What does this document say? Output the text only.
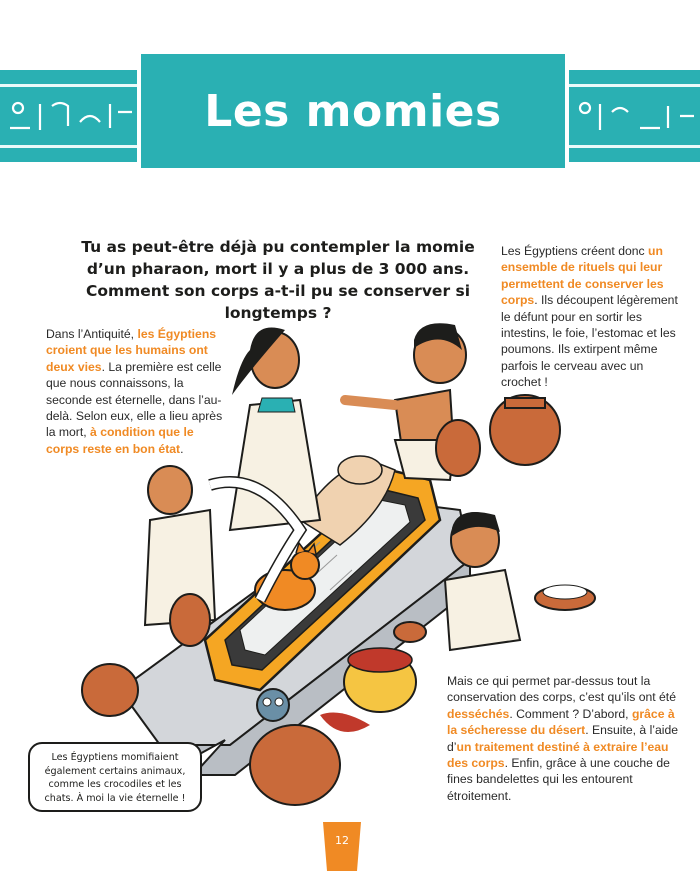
Les momies
Tu as peut-être déjà pu contempler la momie d’un pharaon, mort il y a plus de 3 000 ans. Comment son corps a-t-il pu se conserver si longtemps ?
Dans l’Antiquité, les Égyptiens croient que les humains ont deux vies. La première est celle que nous connaissons, la seconde est éternelle, dans l’au-delà. Selon eux, elle a lieu après la mort, à condition que le corps reste en bon état.
Les Égyptiens créent donc un ensemble de rituels qui leur permettent de conserver les corps. Ils découpent légèrement le défunt pour en sortir les intestins, le foie, l’estomac et les poumons. Ils extirpent même parfois le cerveau avec un crochet !
Mais ce qui permet par-dessus tout la conservation des corps, c’est qu’ils ont été desséchés. Comment ? D’abord, grâce à la sécheresse du désert. Ensuite, à l’aide d’un traitement destiné à extraire l’eau des corps. Enfin, grâce à une couche de fines bandelettes qui les entourent étroitement.
Les Égyptiens momifiaient également certains animaux, comme les crocodiles et les chats. À moi la vie éternelle !
12
